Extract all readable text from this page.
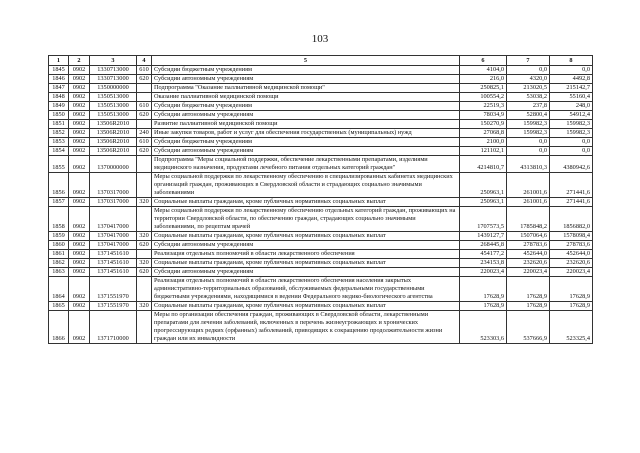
103
1	2	3	4	5	6	7	8
1845	0902	1330713000	610	Субсидии бюджетным учреждениям	4104,0	0,0	0,0
1846	0902	1330713000	620	Субсидии автономным учреждениям	216,0	4320,0	4492,8
1847	0902	1350000000		Подпрограмма "Оказание паллиативной медицинской помощи"	250825,1	213020,5	215142,7
1848	0902	1350513000		Оказание паллиативной медицинской помощи	100554,2	53038,2	55160,4
1849	0902	1350513000	610	Субсидии бюджетным учреждениям	22519,3	237,8	248,0
1850	0902	1350513000	620	Субсидии автономным учреждениям	78034,9	52800,4	54912,4
1851	0902	13506R2010		Развитие паллиативной медицинской помощи	150270,9	159982,3	159982,3
1852	0902	13506R2010	240	Иные закупки товаров, работ и услуг для обеспечения государственных (муниципальных) нужд	27068,8	159982,3	159982,3
1853	0902	13506R2010	610	Субсидии бюджетным учреждениям	2100,0	0,0	0,0
1854	0902	13506R2010	620	Субсидии автономным учреждениям	121102,1	0,0	0,0
1855	0902	1370000000		Подпрограмма "Меры социальной поддержки, обеспечение лекарственными препаратами, изделиями медицинского назначения, продуктами лечебного питания отдельных категорий граждан"	4214810,7	4313810,3	4380942,6
1856	0902	1370317000		Меры социальной поддержки по лекарственному обеспечению в специализированных кабинетах медицинских организаций граждан, проживающих в Свердловской области и страдающих социально значимыми заболеваниями	250963,1	261001,6	271441,6
1857	0902	1370317000	320	Социальные выплаты гражданам, кроме публичных нормативных социальных выплат	250963,1	261001,6	271441,6
1858	0902	1370417000		Меры социальной поддержки по лекарственному обеспечению отдельных категорий граждан, проживающих на территории Свердловской области, по обеспечению граждан, страдающих социально значимыми заболеваниями, по рецептам врачей	1707573,5	1785848,2	1856882,0
1859	0902	1370417000	320	Социальные выплаты гражданам, кроме публичных нормативных социальных выплат	1439127,7	1507064,6	1578098,4
1860	0902	1370417000	620	Субсидии автономным учреждениям	268445,8	278783,6	278783,6
1861	0902	1371451610		Реализация отдельных полномочий в области лекарственного обеспечения	454177,2	452644,0	452644,0
1862	0902	1371451610	320	Социальные выплаты гражданам, кроме публичных нормативных социальных выплат	234153,8	232620,6	232620,6
1863	0902	1371451610	620	Субсидии автономным учреждениям	220023,4	220023,4	220023,4
1864	0902	1371551970		Реализация отдельных полномочий в области лекарственного обеспечения населения закрытых административно-территориальных образований, обслуживаемых федеральными государственными бюджетными учреждениями, находящимися в ведении Федерального медико-биологического агентства	17628,9	17628,9	17628,9
1865	0902	1371551970	320	Социальные выплаты гражданам, кроме публичных нормативных социальных выплат	17628,9	17628,9	17628,9
1866	0902	1371710000		Меры по организации обеспечения граждан, проживающих в Свердловской области, лекарственными препаратами для лечения заболеваний, включенных в перечень жизнеугрожающих и хронических прогрессирующих редких (орфанных) заболеваний, приводящих к сокращению продолжительности жизни граждан или их инвалидности	523303,6	537666,9	523325,4
